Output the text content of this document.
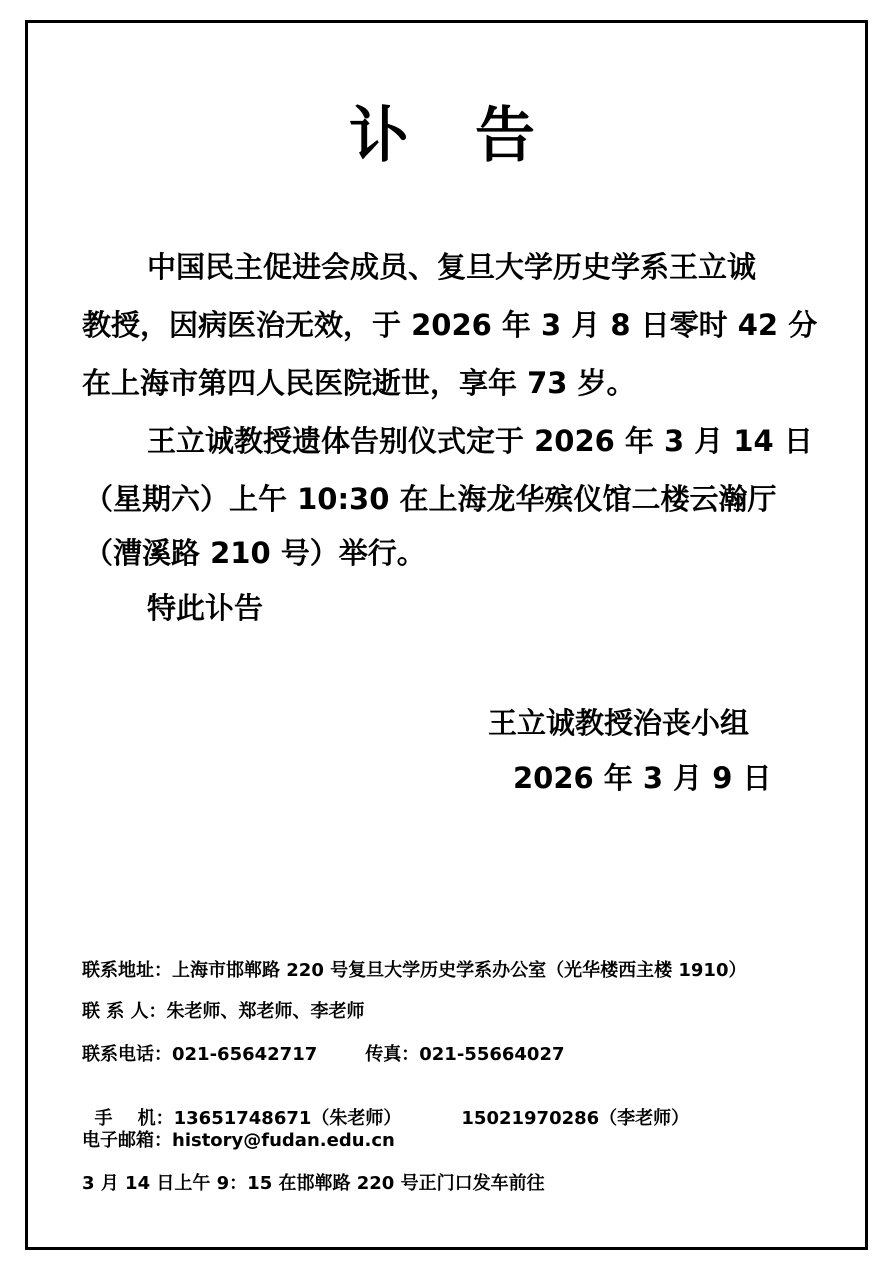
讣 告
中国民主促进会成员、复旦大学历史学系王立诚
教授，因病医治无效，于 2026 年 3 月 8 日零时 42 分
在上海市第四人民医院逝世，享年 73 岁。
王立诚教授遗体告别仪式定于 2026 年 3 月 14 日
（星期六）上午 10:30 在上海龙华殡仪馆二楼云瀚厅
（漕溪路 210 号）举行。
特此讣告
王立诚教授治丧小组
2026 年 3 月 9 日
联系地址：上海市邯郸路 220 号复旦大学历史学系办公室（光华楼西主楼 1910）
联 系 人：朱老师、郑老师、李老师
联系电话：021-65642717	传真：021-55664027

手    机：13651748671（朱老师）	15021970286（李老师）

电子邮箱：history@fudan.edu.cn
3 月 14 日上午 9：15 在邯郸路 220 号正门口发车前往
